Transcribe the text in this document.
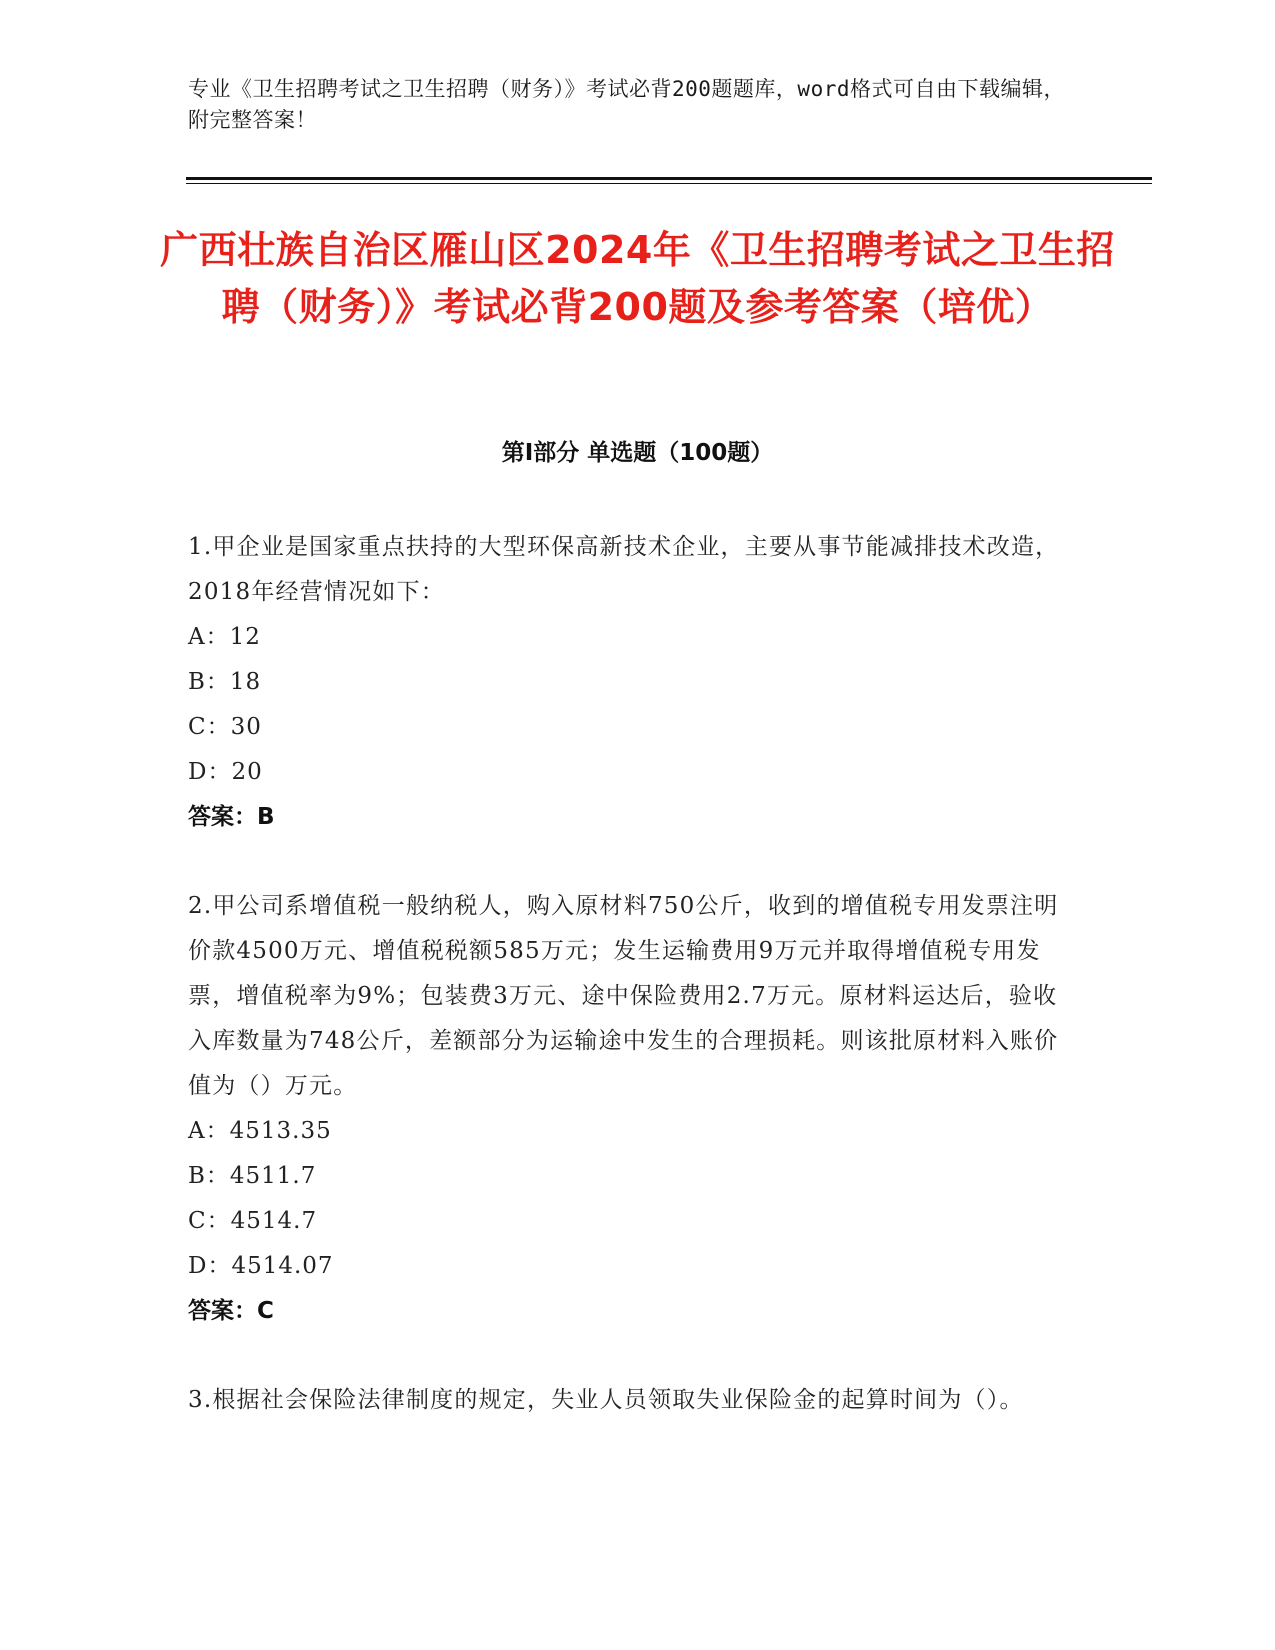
专业《卫生招聘考试之卫生招聘（财务）》考试必背200题题库，word格式可自由下载编辑，附完整答案！
广西壮族自治区雁山区2024年《卫生招聘考试之卫生招聘（财务）》考试必背200题及参考答案（培优）
第Ⅰ部分 单选题（100题）
1.甲企业是国家重点扶持的大型环保高新技术企业，主要从事节能减排技术改造，2018年经营情况如下：
A：12
B：18
C：30
D：20
答案：B
2.甲公司系增值税一般纳税人，购入原材料750公斤，收到的增值税专用发票注明价款4500万元、增值税税额585万元；发生运输费用9万元并取得增值税专用发票，增值税率为9%；包装费3万元、途中保险费用2.7万元。原材料运达后，验收入库数量为748公斤，差额部分为运输途中发生的合理损耗。则该批原材料入账价值为（）万元。
A：4513.35
B：4511.7
C：4514.7
D：4514.07
答案：C
3.根据社会保险法律制度的规定，失业人员领取失业保险金的起算时间为（）。
